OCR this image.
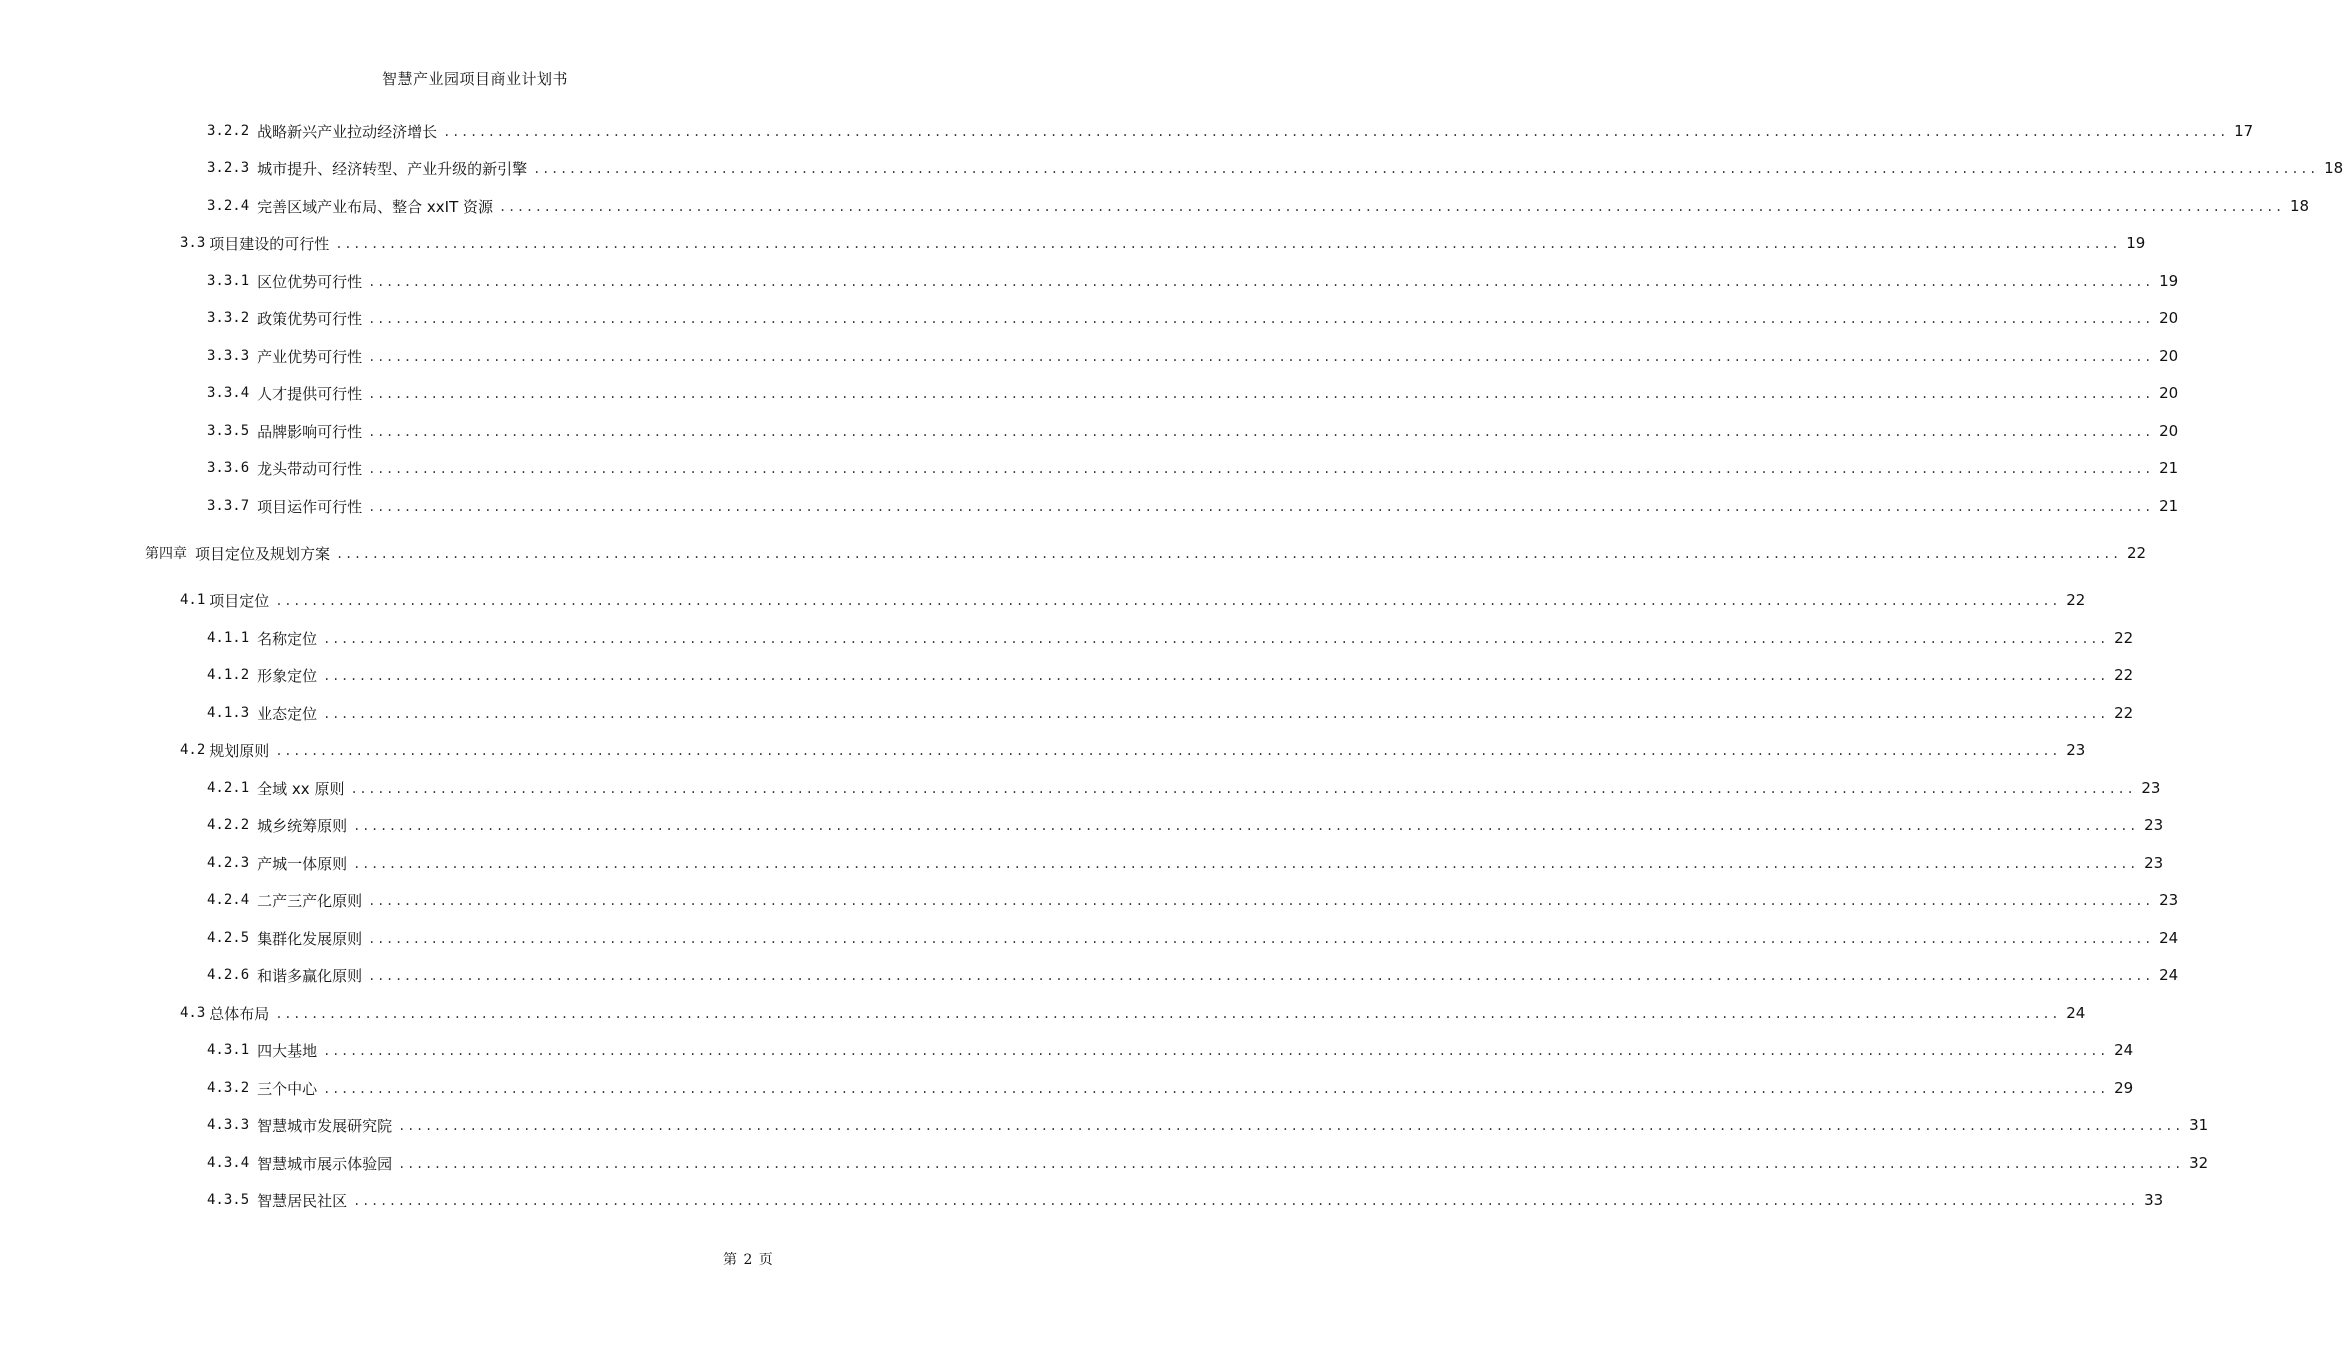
智慧产业园项目商业计划书
3.2.2 战略新兴产业拉动经济增长 ........................................................................................................................................................................................................ 17
3.2.3 城市提升、经济转型、产业升级的新引擎 ........................................................................................................................................................................................................ 18
3.2.4 完善区域产业布局、整合 xxIT 资源 ........................................................................................................................................................................................................ 18
3.3 项目建设的可行性 ........................................................................................................................................................................................................ 19
3.3.1 区位优势可行性 ........................................................................................................................................................................................................ 19
3.3.2 政策优势可行性 ........................................................................................................................................................................................................ 20
3.3.3 产业优势可行性 ........................................................................................................................................................................................................ 20
3.3.4 人才提供可行性 ........................................................................................................................................................................................................ 20
3.3.5 品牌影响可行性 ........................................................................................................................................................................................................ 20
3.3.6 龙头带动可行性 ........................................................................................................................................................................................................ 21
3.3.7 项目运作可行性 ........................................................................................................................................................................................................ 21
第四章 项目定位及规划方案 ........................................................................................................................................................................................................ 22
4.1 项目定位 ........................................................................................................................................................................................................ 22
4.1.1 名称定位 ........................................................................................................................................................................................................ 22
4.1.2 形象定位 ........................................................................................................................................................................................................ 22
4.1.3 业态定位 ........................................................................................................................................................................................................ 22
4.2 规划原则 ........................................................................................................................................................................................................ 23
4.2.1 全域 xx 原则 ........................................................................................................................................................................................................ 23
4.2.2 城乡统筹原则 ........................................................................................................................................................................................................ 23
4.2.3 产城一体原则 ........................................................................................................................................................................................................ 23
4.2.4 二产三产化原则 ........................................................................................................................................................................................................ 23
4.2.5 集群化发展原则 ........................................................................................................................................................................................................ 24
4.2.6 和谐多赢化原则 ........................................................................................................................................................................................................ 24
4.3 总体布局 ........................................................................................................................................................................................................ 24
4.3.1 四大基地 ........................................................................................................................................................................................................ 24
4.3.2 三个中心 ........................................................................................................................................................................................................ 29
4.3.3 智慧城市发展研究院 ........................................................................................................................................................................................................ 31
4.3.4 智慧城市展示体验园 ........................................................................................................................................................................................................ 32
4.3.5 智慧居民社区 ........................................................................................................................................................................................................ 33
第 2 页
